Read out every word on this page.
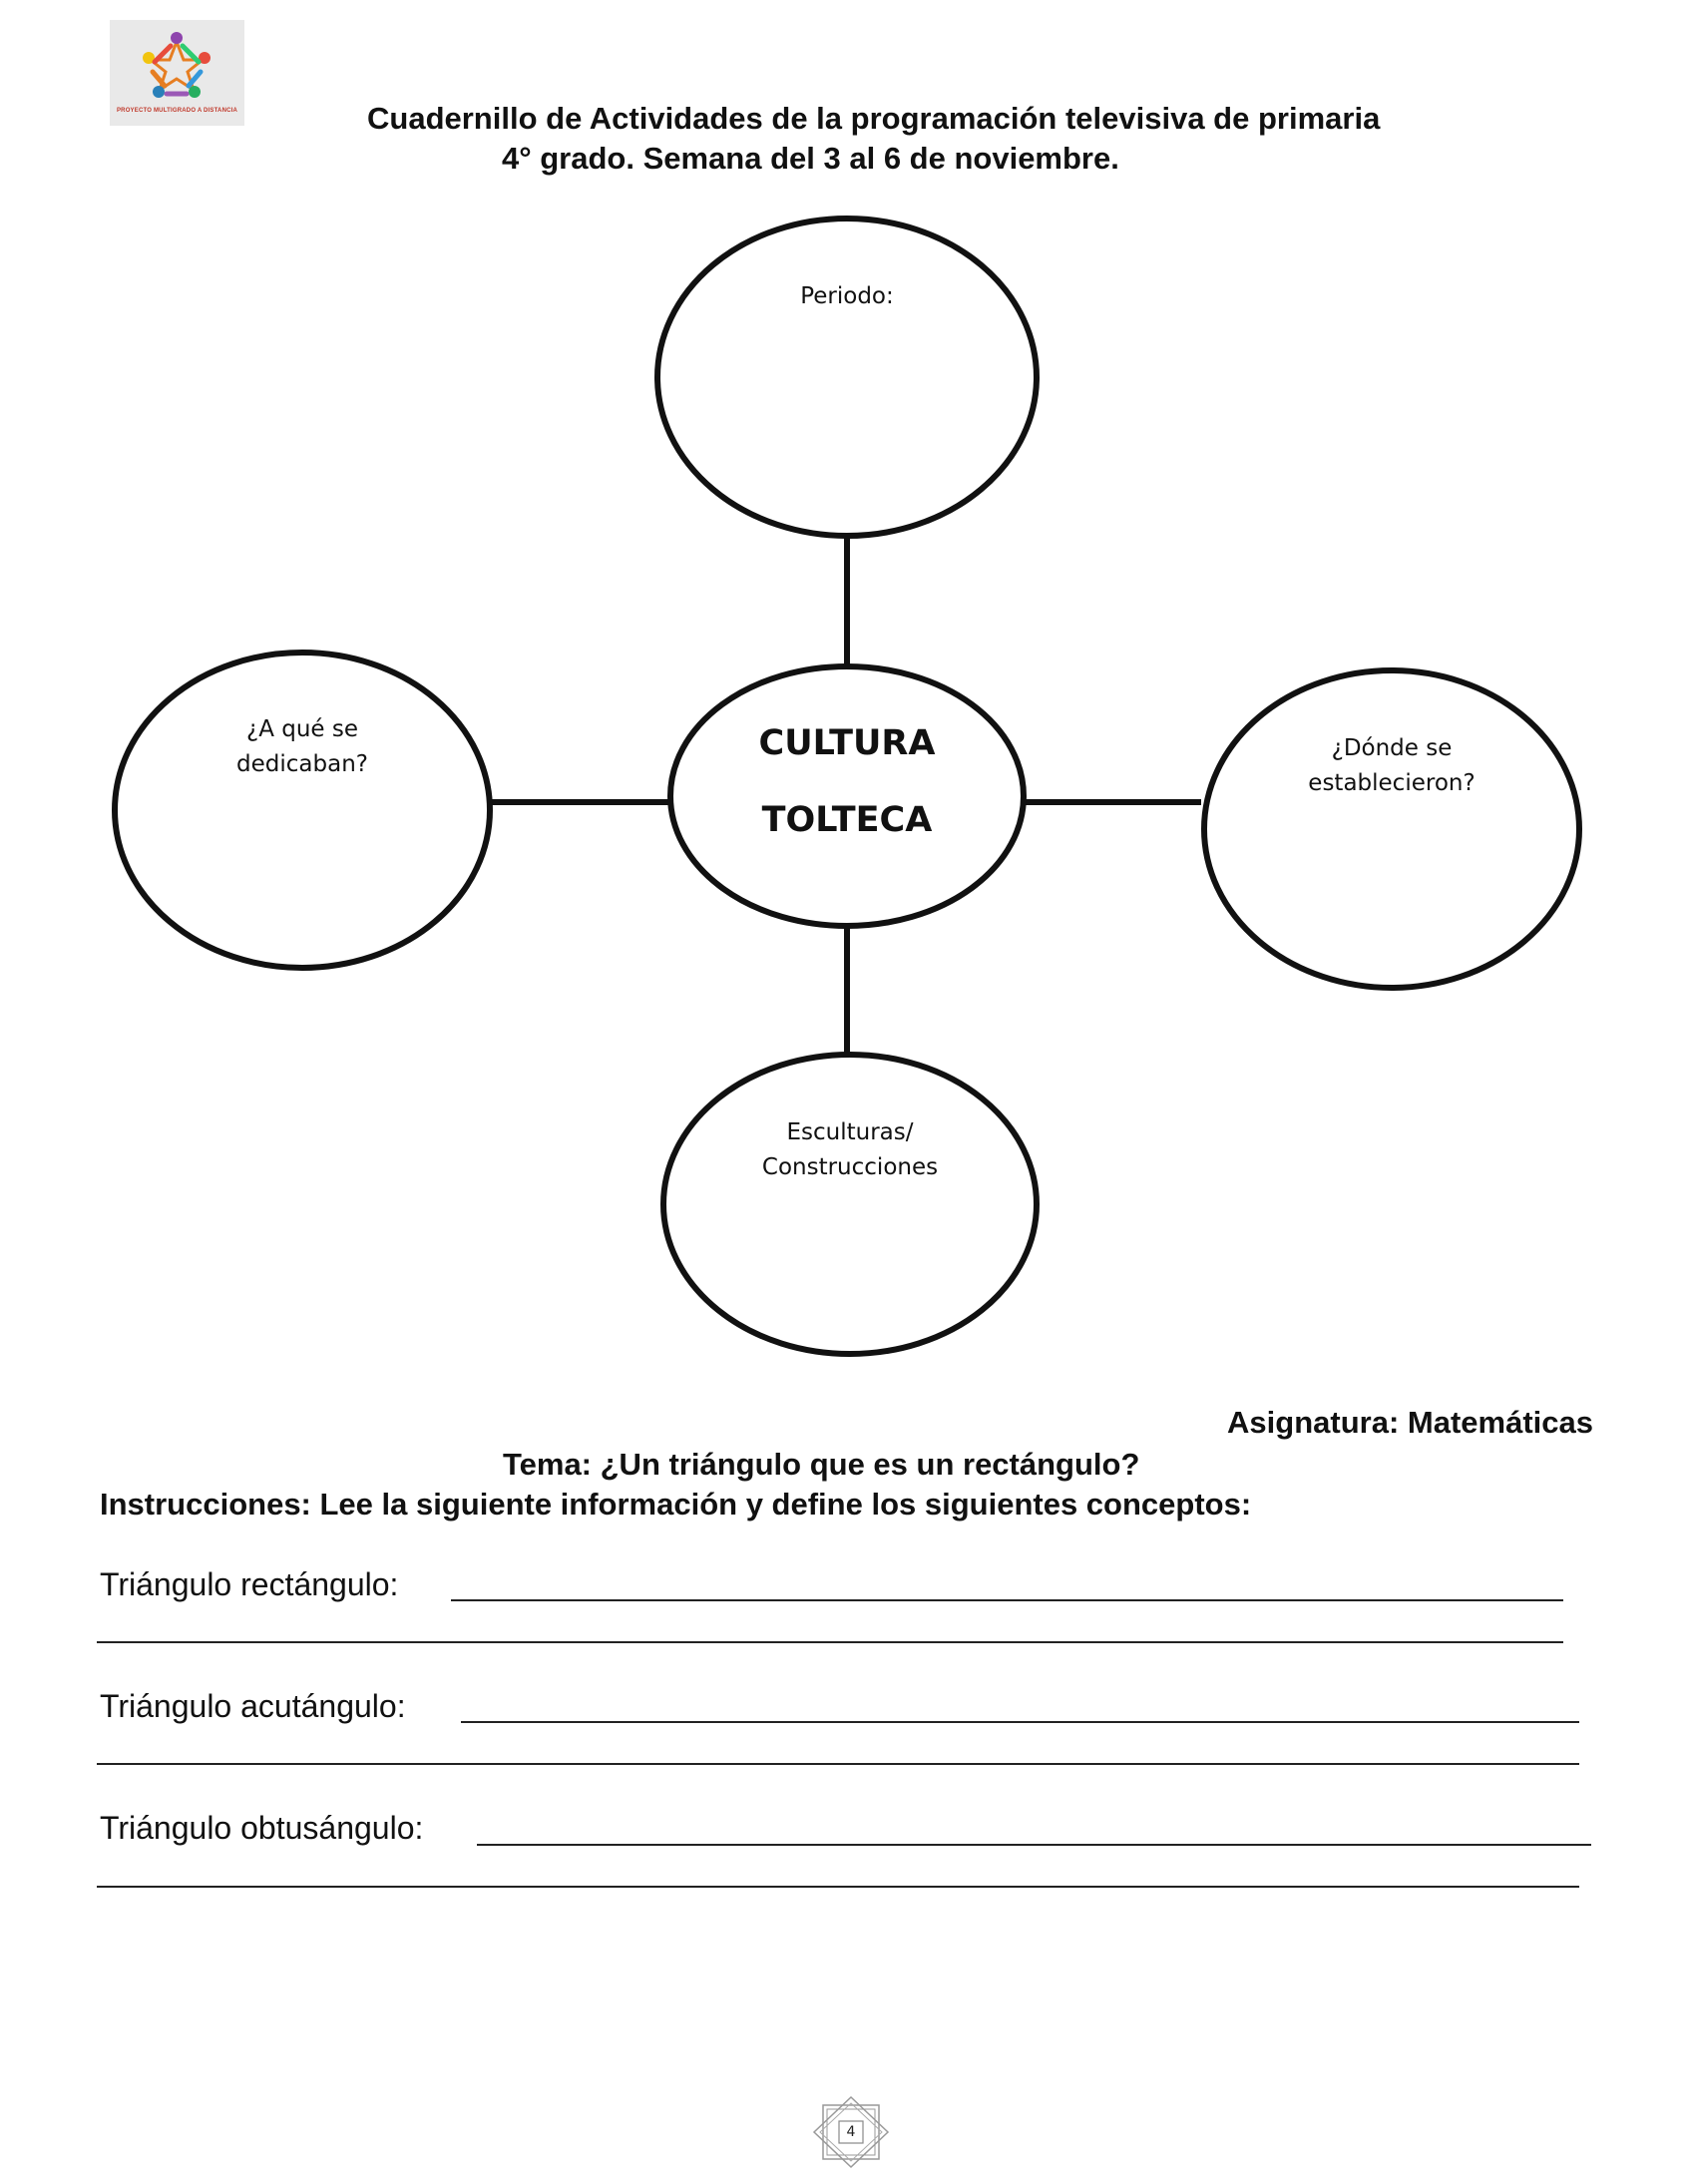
PROYECTO MULTIGRADO A DISTANCIA	Cuadernillo de Actividades de la programación televisiva de primaria
4° grado. Semana del 3 al 6 de noviembre.
Periodo:
CULTURA
TOLTECA
¿A qué se
dedicaban?
¿Dónde se
establecieron?
Esculturas/
Construcciones
Asignatura: Matemáticas
Tema: ¿Un triángulo que es un rectángulo?
Instrucciones: Lee la siguiente información y define los siguientes conceptos:
Triángulo rectángulo:
Triángulo acutángulo:
Triángulo obtusángulo:
4
